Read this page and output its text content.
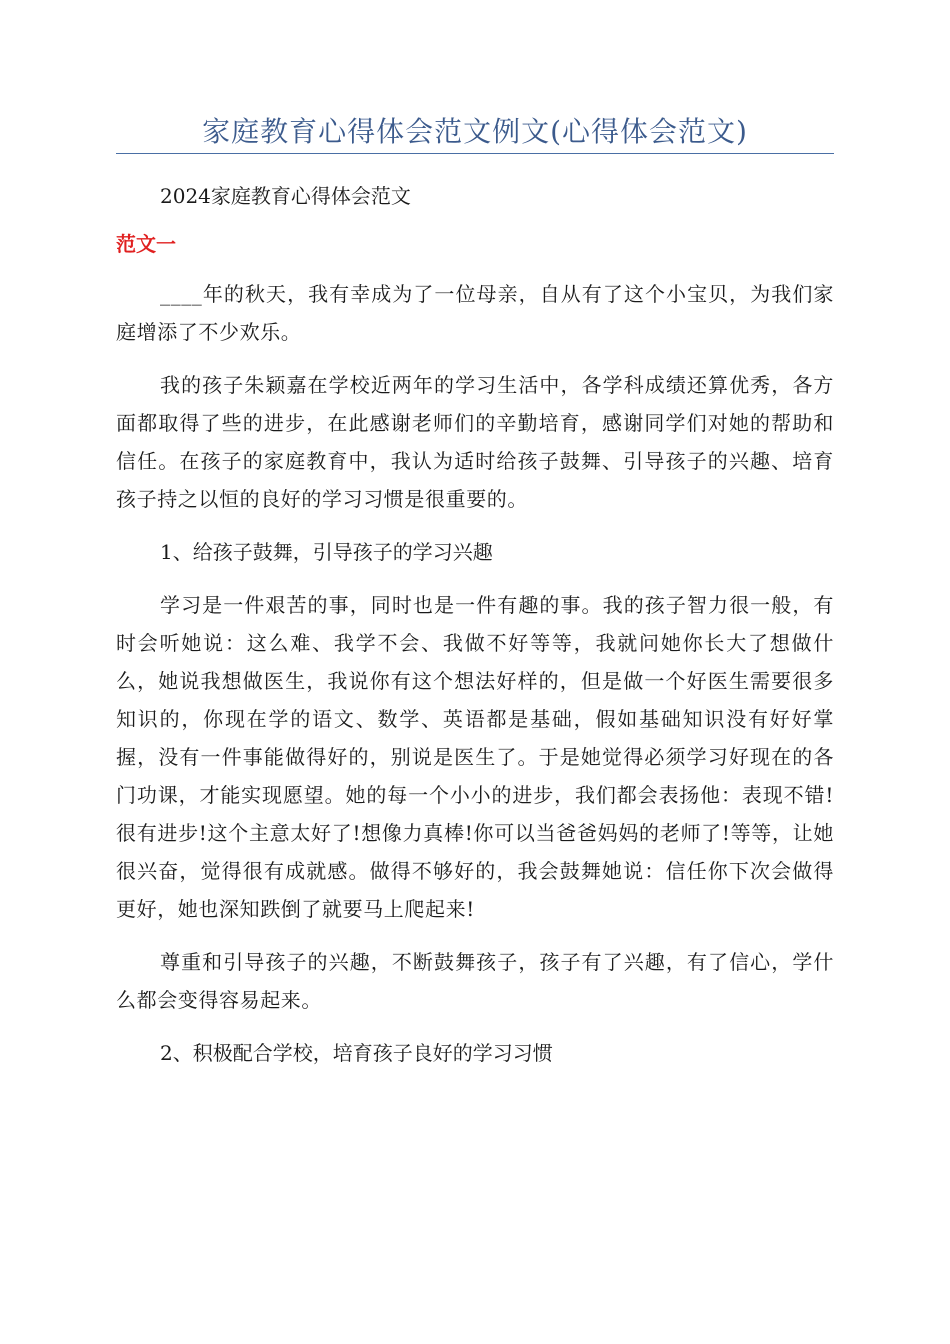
家庭教育心得体会范文例文(心得体会范文)

2024家庭教育心得体会范文

范文一

____年的秋天，我有幸成为了一位母亲，自从有了这个小宝贝，为我们家庭增添了不少欢乐。

我的孩子朱颖嘉在学校近两年的学习生活中，各学科成绩还算优秀，各方面都取得了些的进步，在此感谢老师们的辛勤培育，感谢同学们对她的帮助和信任。在孩子的家庭教育中，我认为适时给孩子鼓舞、引导孩子的兴趣、培育孩子持之以恒的良好的学习习惯是很重要的。

1、给孩子鼓舞，引导孩子的学习兴趣

学习是一件艰苦的事，同时也是一件有趣的事。我的孩子智力很一般，有时会听她说：这么难、我学不会、我做不好等等，我就问她你长大了想做什么，她说我想做医生，我说你有这个想法好样的，但是做一个好医生需要很多知识的，你现在学的语文、数学、英语都是基础，假如基础知识没有好好掌握，没有一件事能做得好的，别说是医生了。于是她觉得必须学习好现在的各门功课，才能实现愿望。她的每一个小小的进步，我们都会表扬他：表现不错!很有进步!这个主意太好了!想像力真棒!你可以当爸爸妈妈的老师了!等等，让她很兴奋，觉得很有成就感。做得不够好的，我会鼓舞她说：信任你下次会做得更好，她也深知跌倒了就要马上爬起来!

尊重和引导孩子的兴趣，不断鼓舞孩子，孩子有了兴趣，有了信心，学什么都会变得容易起来。

2、积极配合学校，培育孩子良好的学习习惯
